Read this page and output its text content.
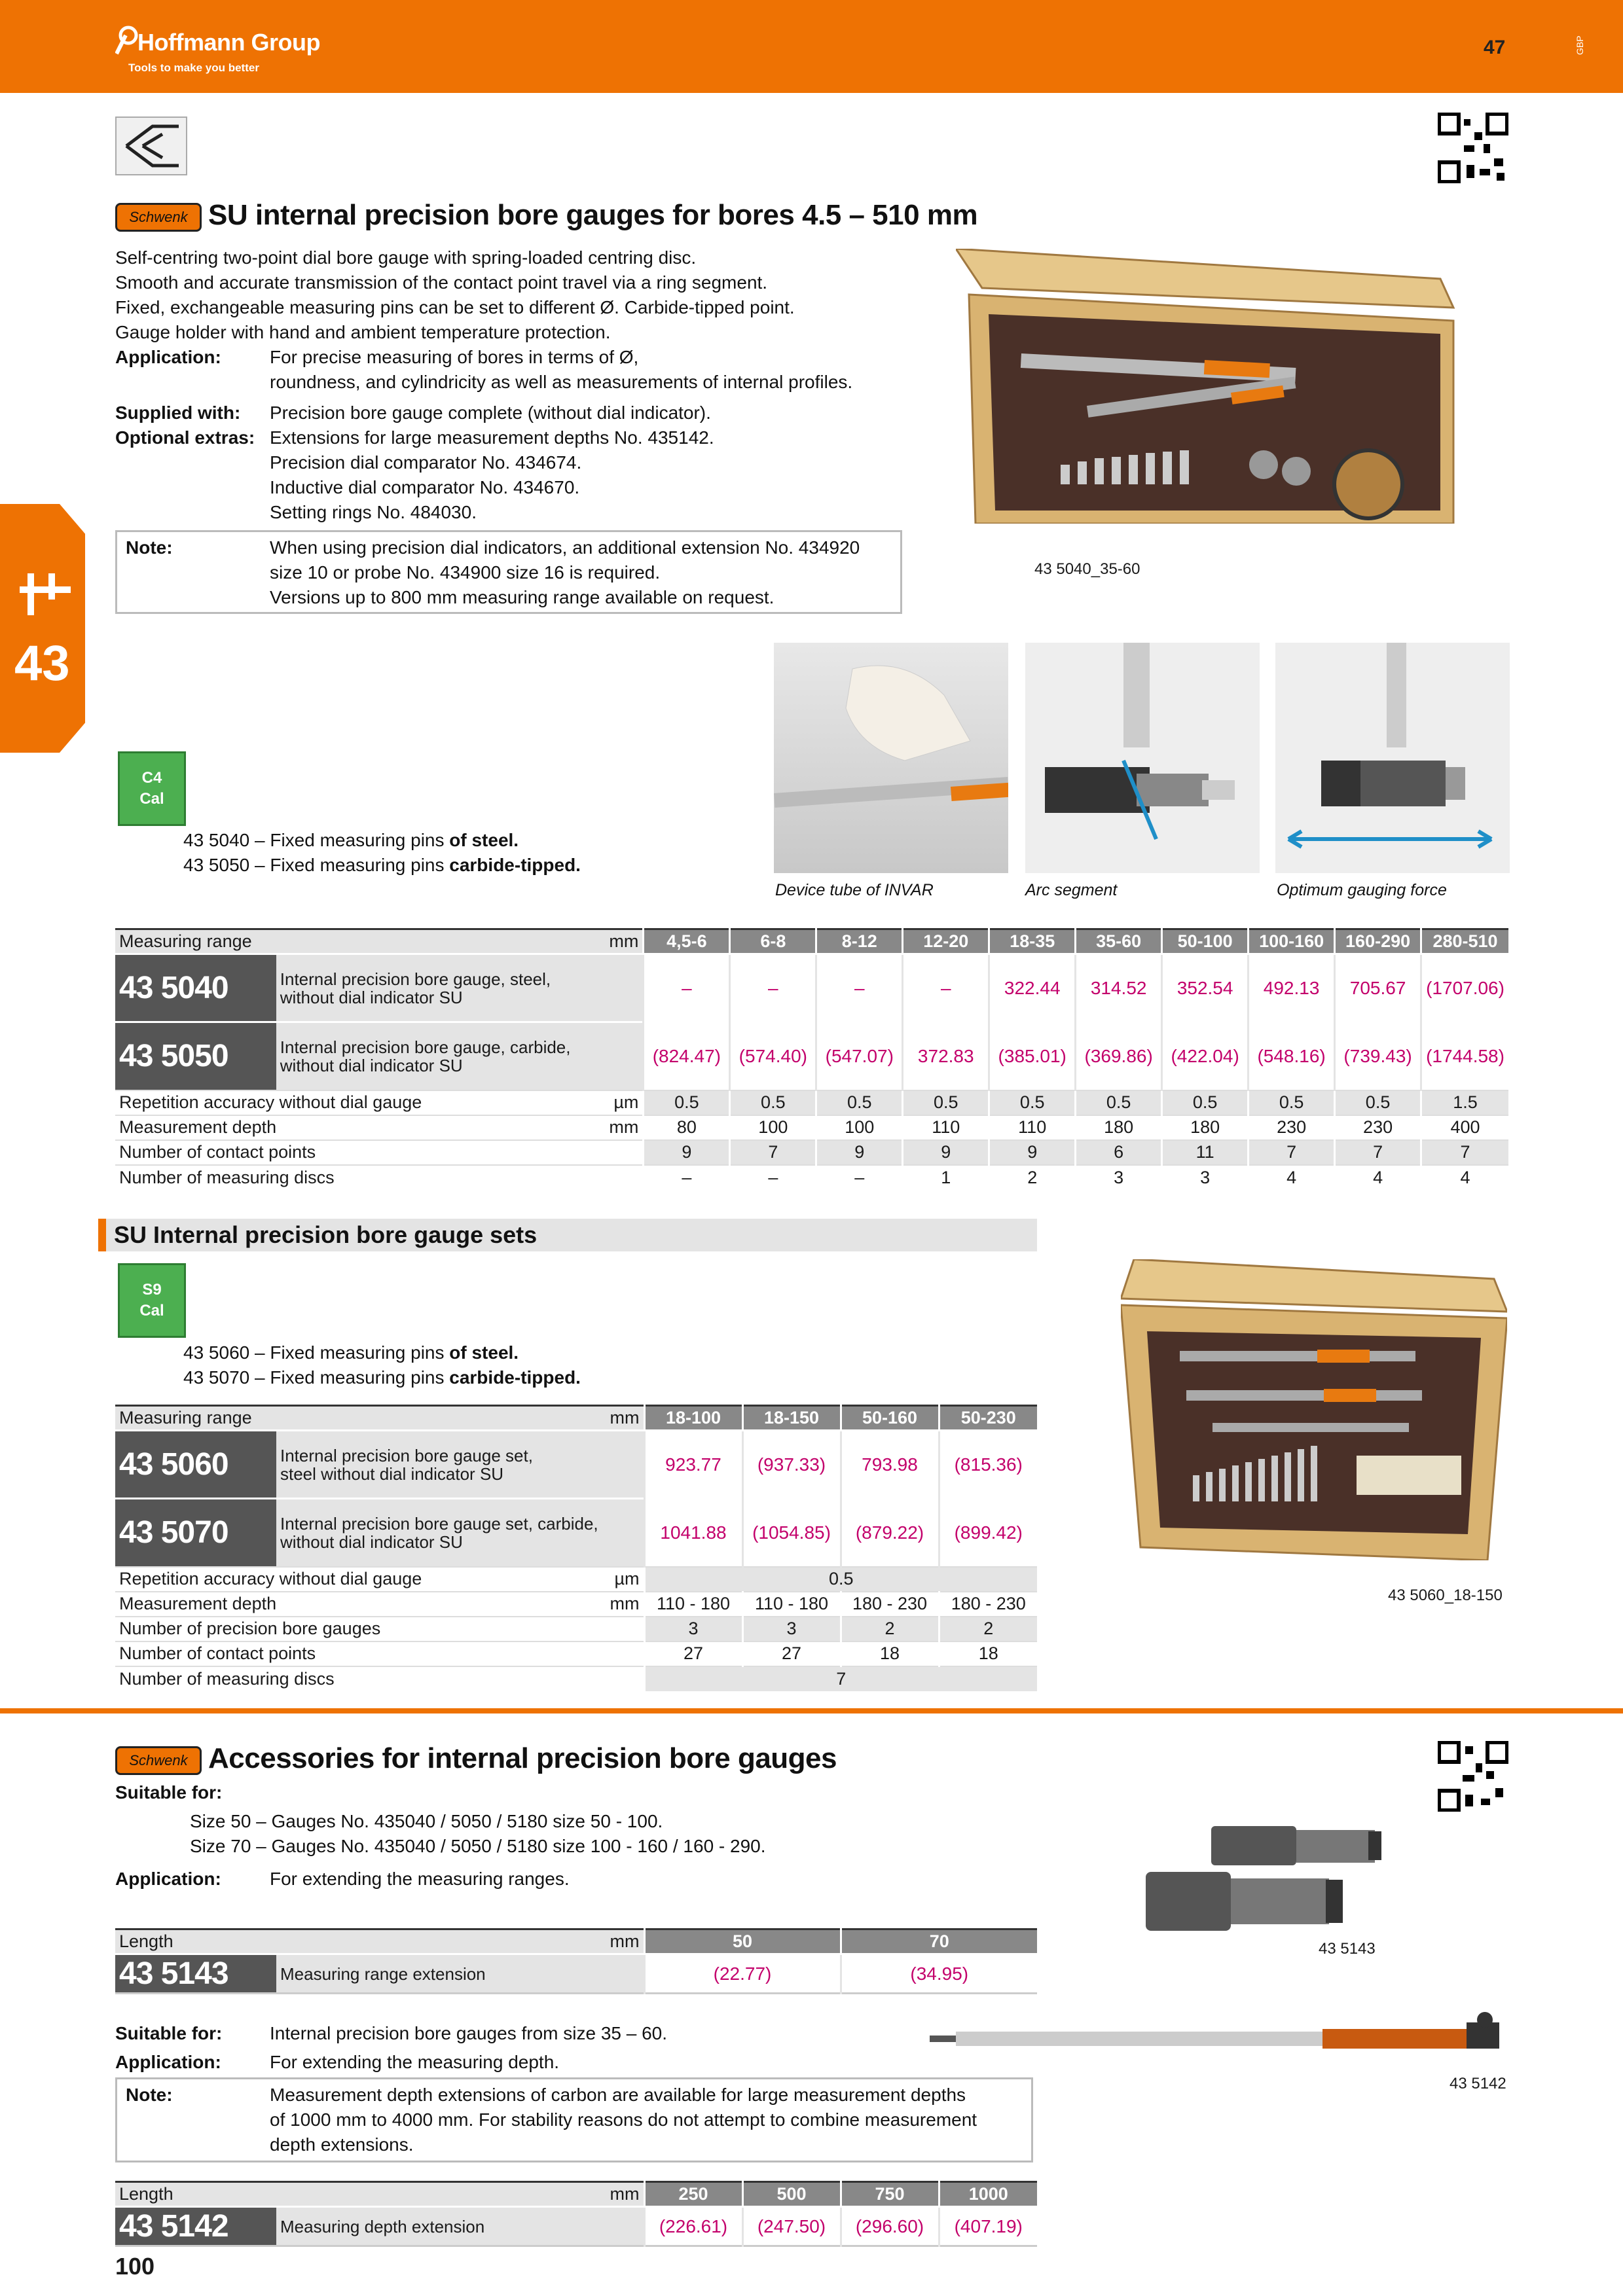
Hoffmann Group
Tools to make you better
47	GBP
43
Schwenk SU internal precision bore gauges for bores 4.5 – 510 mm
Self-centring two-point dial bore gauge with spring-loaded centring disc.
Smooth and accurate transmission of the contact point travel via a ring segment.
Fixed, exchangeable measuring pins can be set to different Ø. Carbide-tipped point.
Gauge holder with hand and ambient temperature protection.
Application:	For precise measuring of bores in terms of Ø,
roundness, and cylindricity as well as measurements of internal profiles.
Supplied with: Precision bore gauge complete (without dial indicator).
Optional extras: Extensions for large measurement depths No. 435142.
Precision dial comparator No. 434674.
Inductive dial comparator No. 434670.
Setting rings No. 484030.
Note:	When using precision dial indicators, an additional extension No. 434920
size 10 or probe No. 434900 size 16 is required.
Versions up to 800 mm measuring range available on request.
43 5040_35-60
C4
Cal
43 5040 – Fixed measuring pins of steel.
43 5050 – Fixed measuring pins carbide-tipped.
Device tube of INVAR	Arc segment	Optimum gauging force
Measuring range		mm	4,5-6	6-8	8-12	12-20	18-35	35-60	50-100	100-160	160-290	280-510
43 5040	Internal precision bore gauge, steel,
without dial indicator SU		–	–	–	–	322.44	314.52	352.54	492.13	705.67	(1707.06)
43 5050	Internal precision bore gauge, carbide,
without dial indicator SU		(824.47)	(574.40)	(547.07)	372.83	(385.01)	(369.86)	(422.04)	(548.16)	(739.43)	(1744.58)
Repetition accuracy without dial gauge		µm	0.5	0.5	0.5	0.5	0.5	0.5	0.5	0.5	0.5	1.5
Measurement depth		mm	80	100	100	110	110	180	180	230	230	400
Number of contact points			9	7	9	9	9	6	11	7	7	7
Number of measuring discs			–	–	–	1	2	3	3	4	4	4
SU Internal precision bore gauge sets
S9
Cal
43 5060 – Fixed measuring pins of steel.
43 5070 – Fixed measuring pins carbide-tipped.
43 5060_18-150
Measuring range		mm	18-100	18-150	50-160	50-230
43 5060	Internal precision bore gauge set,
steel without dial indicator SU		923.77	(937.33)	793.98	(815.36)
43 5070	Internal precision bore gauge set, carbide,
without dial indicator SU		1041.88	(1054.85)	(879.22)	(899.42)
Repetition accuracy without dial gauge		µm	0.5			
Measurement depth		mm	110 - 180	110 - 180	180 - 230	180 - 230
Number of precision bore gauges			3	3	2	2
Number of contact points			27	27	18	18
Number of measuring discs			7			
Schwenk Accessories for internal precision bore gauges
Suitable for:
Size 50 – Gauges No. 435040 / 5050 / 5180 size 50 - 100.
Size 70 – Gauges No. 435040 / 5050 / 5180 size 100 - 160 / 160 - 290.
Application:	For extending the measuring ranges.
43 5143
Length		mm	50	70
43 5143	Measuring range extension		(22.77)	(34.95)
Suitable for:	Internal precision bore gauges from size 35 – 60.
Application:	For extending the measuring depth.
Note:	Measurement depth extensions of carbon are available for large measurement depths
of 1000 mm to 4000 mm. For stability reasons do not attempt to combine measurement
depth extensions.
43 5142
Length		mm	250	500	750	1000
43 5142	Measuring depth extension		(226.61)	(247.50)	(296.60)	(407.19)
100
